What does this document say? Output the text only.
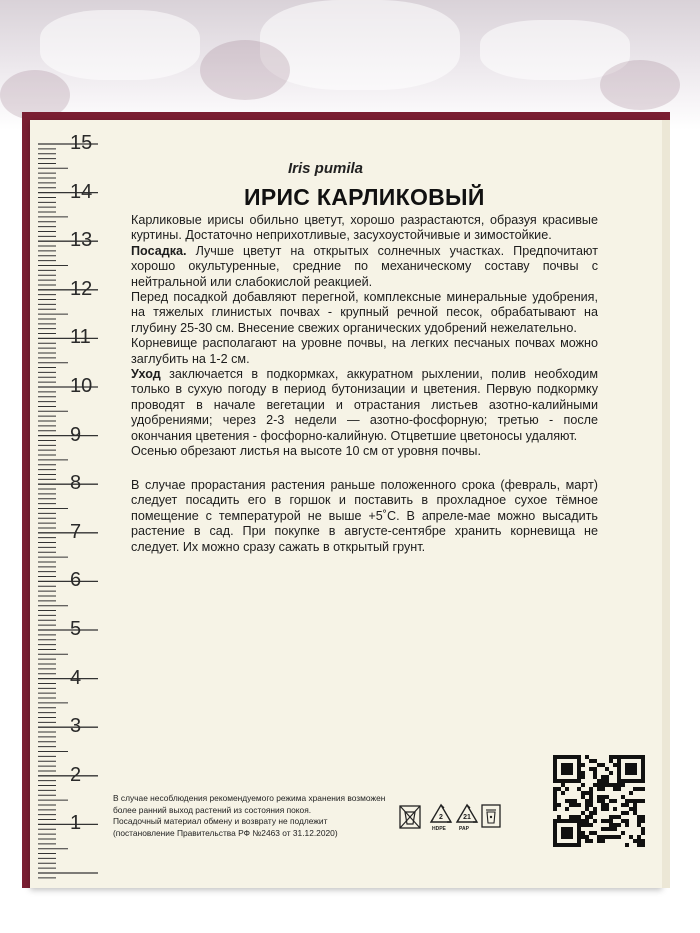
15
14
13
12
11
10
9
8
7
6
5
4
3
2
1
Iris pumila
ИРИС КАРЛИКОВЫЙ

Карликовые ирисы обильно цветут, хорошо разрастаются, образуя красивые куртины. Достаточно неприхотливые, засухоустойчивые и зимостойкие.

Посадка. Лучше цветут на открытых солнечных участках. Предпочитают хорошо окультуренные, средние по механическому составу почвы с нейтральной или слабокислой реакцией.

Перед посадкой добавляют перегной, комплексные минеральные удобрения, на тяжелых глинистых почвах - крупный речной песок, обрабатывают на глубину 25-30 см. Внесение свежих органических удобрений нежелательно.

Корневище располагают на уровне почвы, на легких песчаных почвах можно заглубить на 1-2 см.

Уход заключается в подкормках, аккуратном рыхлении, полив необходим только в сухую погоду в период бутонизации и цветения. Первую подкормку проводят в начале вегетации и отрастания листьев азотно-калийными удобрениями; через 2-3 недели — азотно-фосфорную; третью - после окончания цветения - фосфорно-калийную. Отцветшие цветоносы удаляют.

Осенью обрезают листья на высоте 10 см от уровня почвы.

В случае прорастания растения раньше положенного срока (февраль, март) следует посадить его в горшок и поставить в прохладное сухое тёмное помещение с температурой не выше +5˚С. В апреле-мае можно высадить растение в сад. При покупке в августе-сентябре хранить корневища не следует. Их можно сразу сажать в открытый грунт.

В случае несоблюдения рекомендуемого режима хранения возможен более ранний выход растений из состояния покоя.

Посадочный материал обмену и возврату не подлежит

(постановление Правительства РФ №2463 от 31.12.2020)

2	21
HDPE	PAP
